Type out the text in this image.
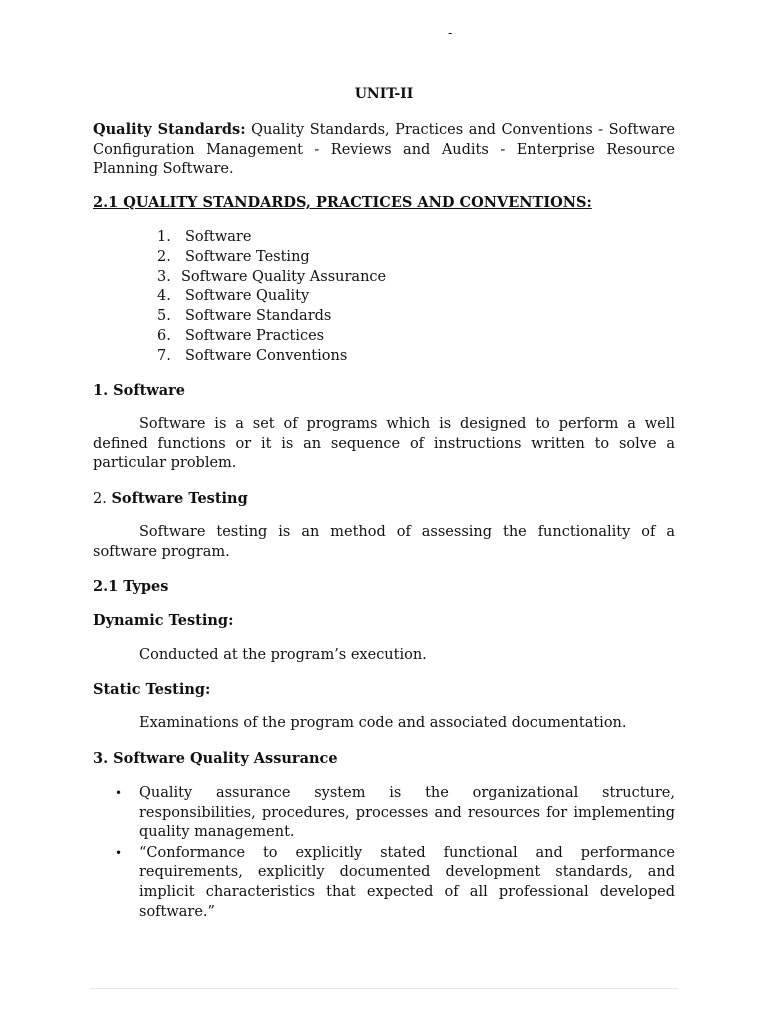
-
UNIT-II
Quality Standards: Quality Standards, Practices and Conventions - Software Configuration Management - Reviews and Audits - Enterprise Resource Planning Software.
2.1 QUALITY STANDARDS, PRACTICES AND CONVENTIONS:
1. Software
2. Software Testing
3. Software Quality Assurance
4. Software Quality
5. Software Standards
6. Software Practices
7. Software Conventions
1. Software
Software is a set of programs which is designed to perform a well defined functions or it is an sequence of instructions written to solve a particular problem.
2. Software Testing
Software testing is an method of assessing the functionality of a software program.
2.1 Types
Dynamic Testing:
Conducted at the program’s execution.
Static Testing:
Examinations of the program code and associated documentation.
3. Software Quality Assurance
• Quality assurance system is the organizational structure, responsibilities, procedures, processes and resources for implementing quality management.
• “Conformance to explicitly stated functional and performance requirements, explicitly documented development standards, and implicit characteristics that expected of all professional developed software.”
